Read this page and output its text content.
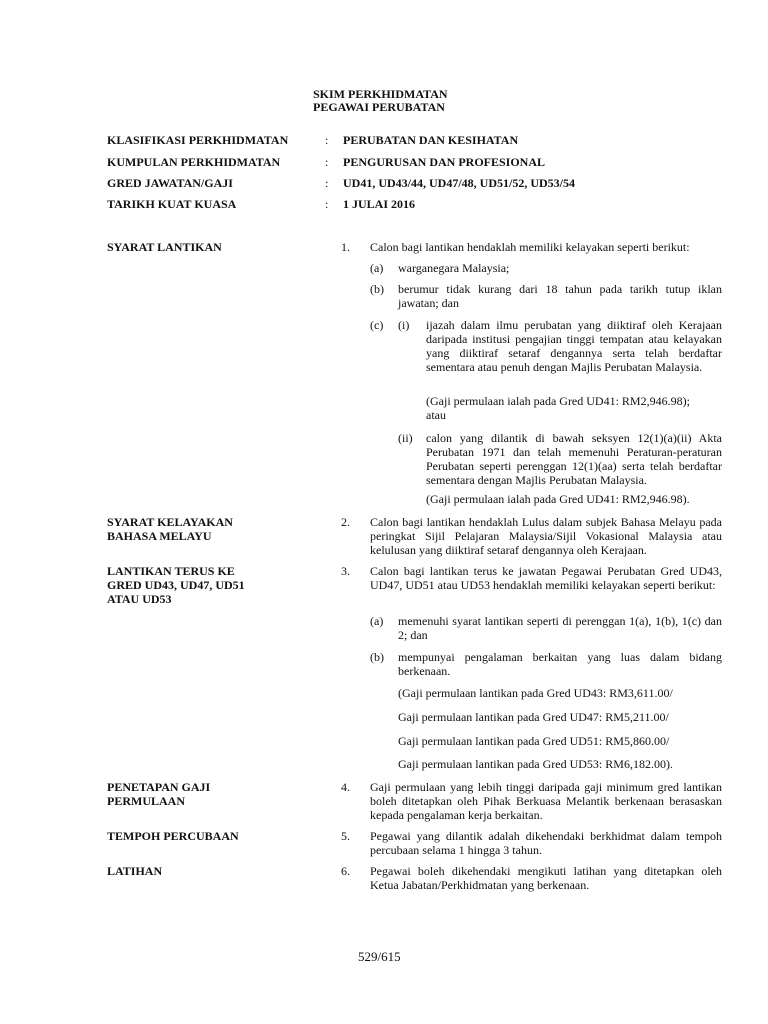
SKIM PERKHIDMATAN
PEGAWAI PERUBATAN
KLASIFIKASI PERKHIDMATAN	: PERUBATAN DAN KESIHATAN
KUMPULAN PERKHIDMATAN	: PENGURUSAN DAN PROFESIONAL
GRED JAWATAN/GAJI	: UD41, UD43/44, UD47/48, UD51/52, UD53/54
TARIKH KUAT KUASA	: 1 JULAI 2016
SYARAT LANTIKAN	1. Calon bagi lantikan hendaklah memiliki kelayakan seperti berikut:
(a) warganegara Malaysia;
(b) berumur tidak kurang dari 18 tahun pada tarikh tutup iklan jawatan; dan
(c) (i) ijazah dalam ilmu perubatan yang diiktiraf oleh Kerajaan daripada institusi pengajian tinggi tempatan atau kelayakan yang diiktiraf setaraf dengannya serta telah berdaftar sementara atau penuh dengan Majlis Perubatan Malaysia.
(Gaji permulaan ialah pada Gred UD41: RM2,946.98);
atau
(ii) calon yang dilantik di bawah seksyen 12(1)(a)(ii) Akta Perubatan 1971 dan telah memenuhi Peraturan-peraturan Perubatan seperti perenggan 12(1)(aa) serta telah berdaftar sementara dengan Majlis Perubatan Malaysia.
(Gaji permulaan ialah pada Gred UD41: RM2,946.98).
SYARAT KELAYAKAN
BAHASA MELAYU
2. Calon bagi lantikan hendaklah Lulus dalam subjek Bahasa Melayu pada peringkat Sijil Pelajaran Malaysia/Sijil Vokasional Malaysia atau kelulusan yang diiktiraf setaraf dengannya oleh Kerajaan.
LANTIKAN TERUS KE
GRED UD43, UD47, UD51
ATAU UD53
3. Calon bagi lantikan terus ke jawatan Pegawai Perubatan Gred UD43, UD47, UD51 atau UD53 hendaklah memiliki kelayakan seperti berikut:
(a) memenuhi syarat lantikan seperti di perenggan 1(a), 1(b), 1(c) dan 2; dan
(b) mempunyai pengalaman berkaitan yang luas dalam bidang berkenaan.
(Gaji permulaan lantikan pada Gred UD43: RM3,611.00/
Gaji permulaan lantikan pada Gred UD47: RM5,211.00/
Gaji permulaan lantikan pada Gred UD51: RM5,860.00/
Gaji permulaan lantikan pada Gred UD53: RM6,182.00).
PENETAPAN GAJI
PERMULAAN
4. Gaji permulaan yang lebih tinggi daripada gaji minimum gred lantikan boleh ditetapkan oleh Pihak Berkuasa Melantik berkenaan berasaskan kepada pengalaman kerja berkaitan.
TEMPOH PERCUBAAN	5. Pegawai yang dilantik adalah dikehendaki berkhidmat dalam tempoh percubaan selama 1 hingga 3 tahun.
LATIHAN	6. Pegawai boleh dikehendaki mengikuti latihan yang ditetapkan oleh Ketua Jabatan/Perkhidmatan yang berkenaan.
529/615
